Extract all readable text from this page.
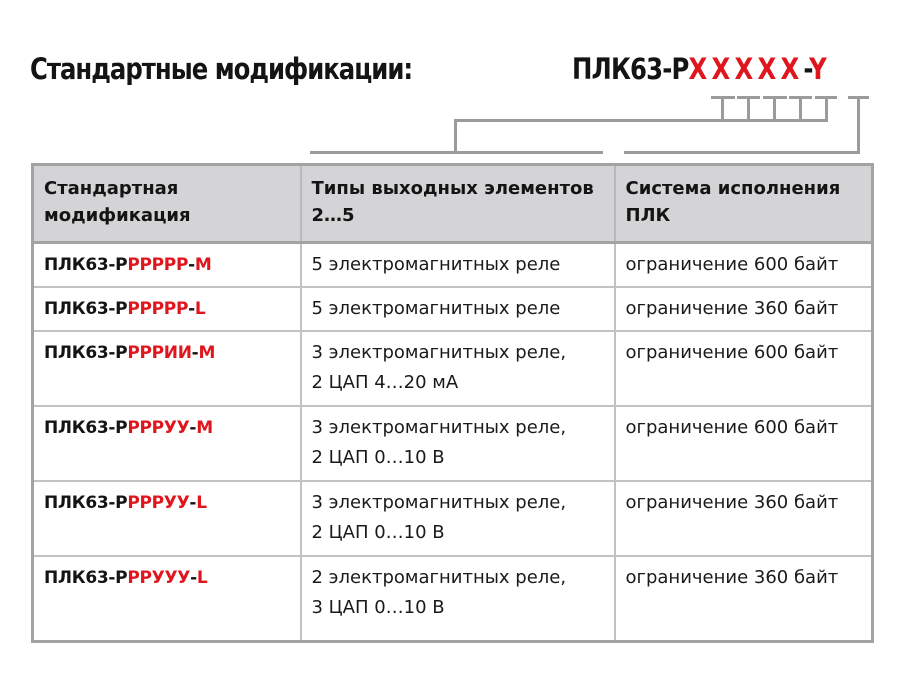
Стандартные модификации:	ПЛК63-РXXXXX-Y
Стандартная модификация	Типы выходных элементов 2…5	Система исполнения ПЛК
ПЛК63-РРРРРР-М	5 электромагнитных реле	ограничение 600 байт
ПЛК63-РРРРРР-L	5 электромагнитных реле	ограничение 360 байт
ПЛК63-РРРРИИ-М	3 электромагнитных реле,
2 ЦАП 4…20 мА	ограничение 600 байт
ПЛК63-РРРРУУ-М	3 электромагнитных реле,
2 ЦАП 0…10 В	ограничение 600 байт
ПЛК63-РРРРУУ-L	3 электромагнитных реле,
2 ЦАП 0…10 В	ограничение 360 байт
ПЛК63-РРРУУУ-L	2 электромагнитных реле,
3 ЦАП 0…10 В	ограничение 360 байт
